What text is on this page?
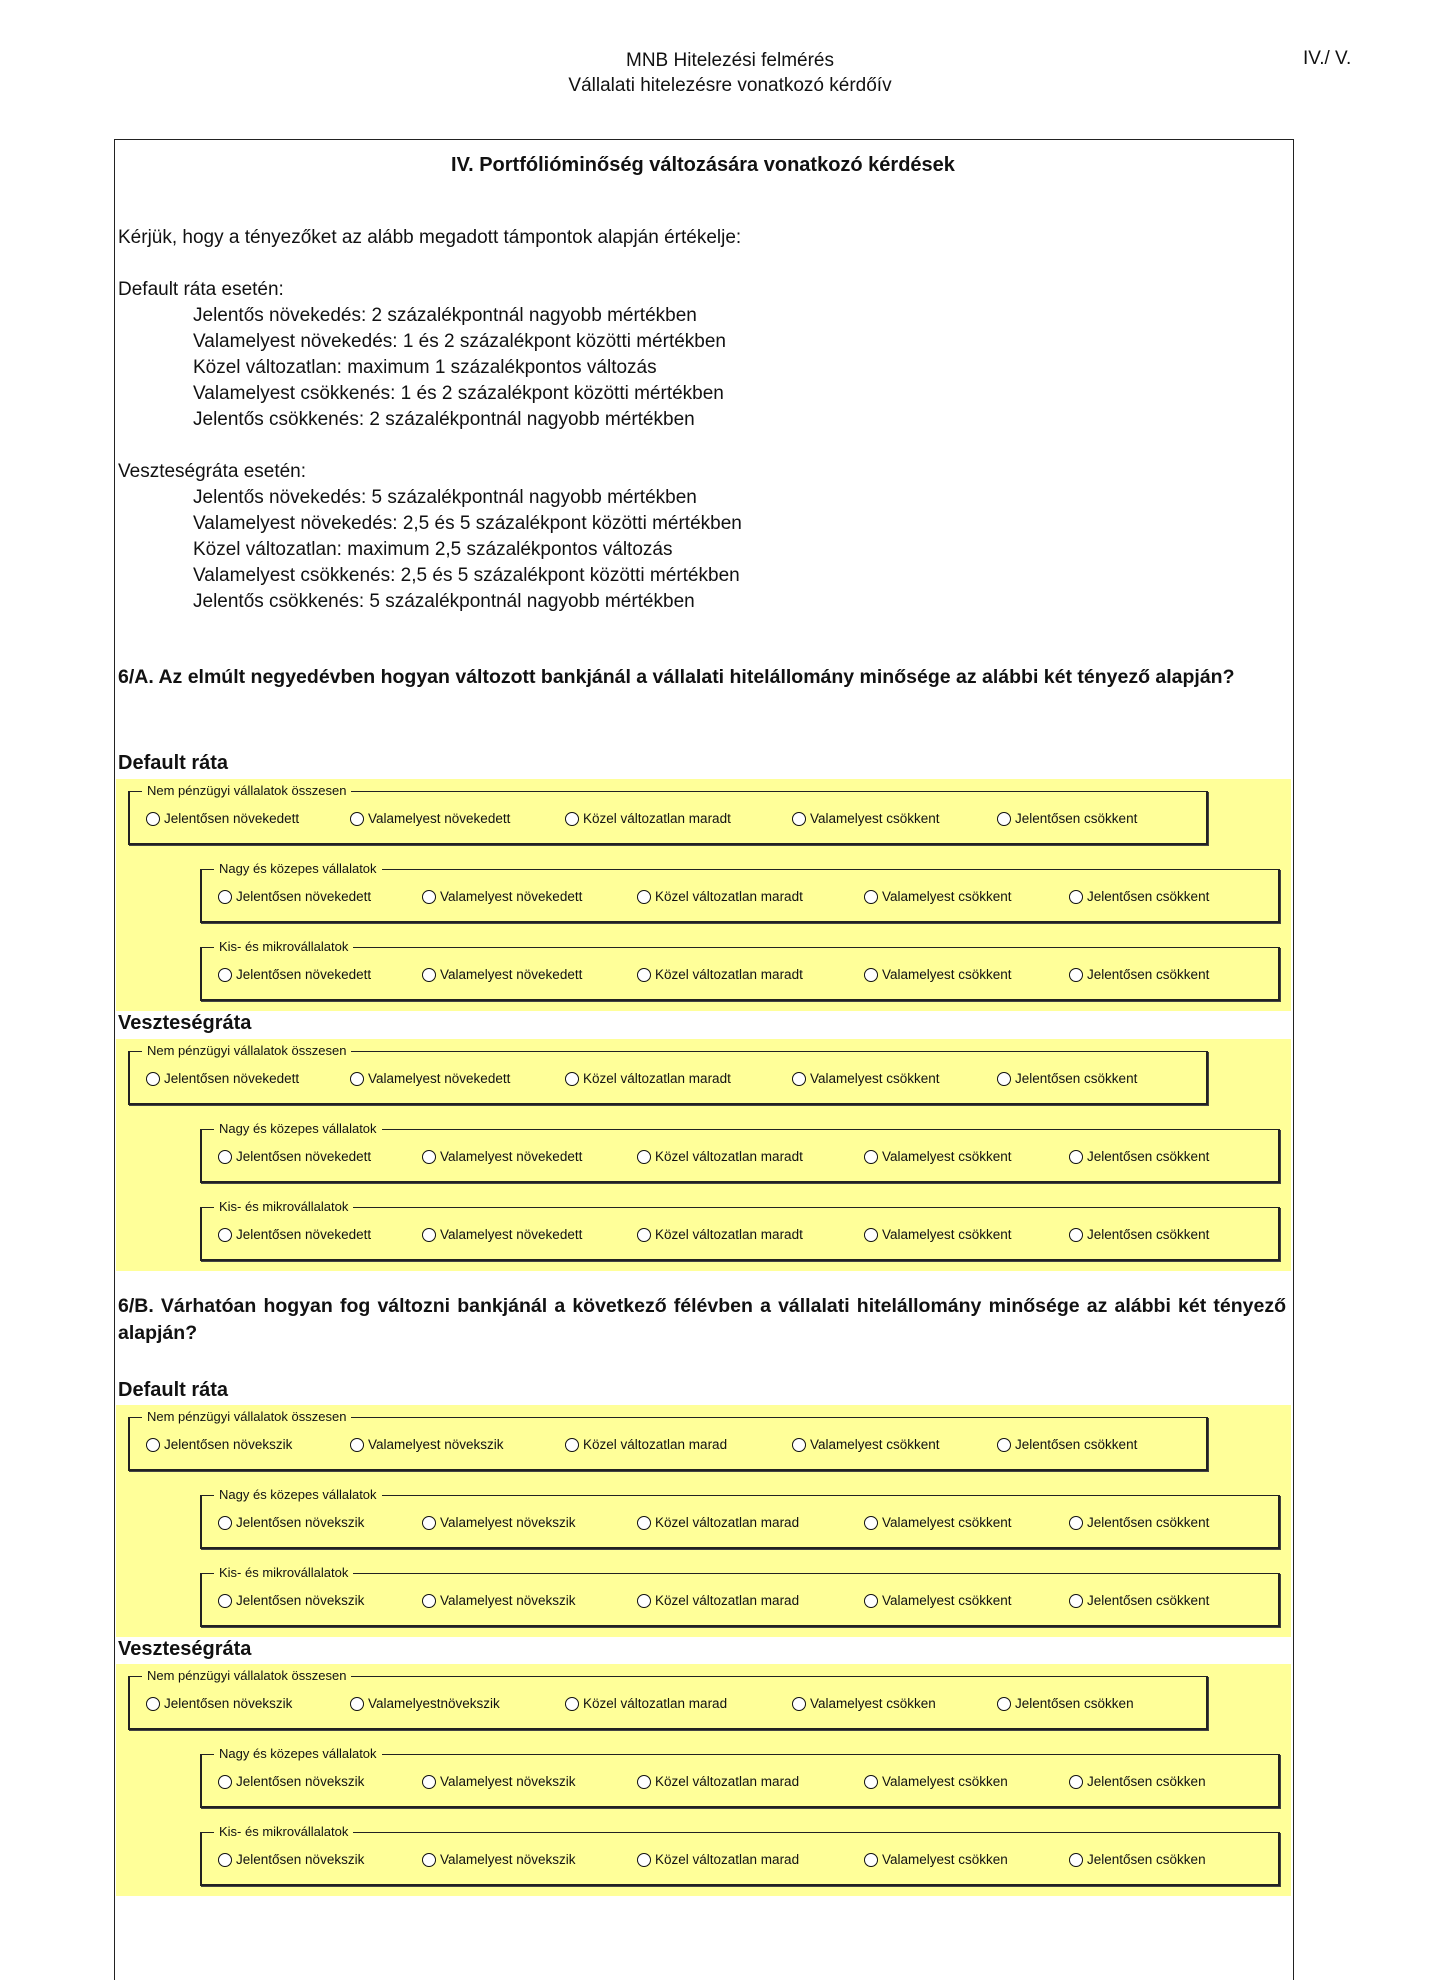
MNB Hitelezési felmérés
Vállalati hitelezésre vonatkozó kérdőív
IV./ V.
IV. Portfólióminőség változására vonatkozó kérdések
Kérjük, hogy a tényezőket az alább megadott támpontok alapján értékelje:
Default ráta esetén:
Jelentős növekedés: 2 százalékpontnál nagyobb mértékben
Valamelyest növekedés: 1 és 2 százalékpont közötti mértékben
Közel változatlan: maximum 1 százalékpontos változás
Valamelyest csökkenés: 1 és 2 százalékpont közötti mértékben
Jelentős csökkenés: 2 százalékpontnál nagyobb mértékben
Veszteségráta esetén:
Jelentős növekedés: 5 százalékpontnál nagyobb mértékben
Valamelyest növekedés: 2,5 és 5 százalékpont közötti mértékben
Közel változatlan: maximum 2,5 százalékpontos változás
Valamelyest csökkenés: 2,5 és 5 százalékpont közötti mértékben
Jelentős csökkenés: 5 százalékpontnál nagyobb mértékben
6/A. Az elmúlt negyedévben hogyan változott bankjánál a vállalati hitelállomány minősége az alábbi két tényező alapján?
Default ráta
Nem pénzügyi vállalatok összesen
Jelentősen növekedett	Valamelyest növekedett	Közel változatlan maradt	Valamelyest csökkent	Jelentősen csökkent
Nagy és közepes vállalatok
Jelentősen növekedett	Valamelyest növekedett	Közel változatlan maradt	Valamelyest csökkent	Jelentősen csökkent
Kis- és mikrovállalatok
Jelentősen növekedett	Valamelyest növekedett	Közel változatlan maradt	Valamelyest csökkent	Jelentősen csökkent
Veszteségráta
Nem pénzügyi vállalatok összesen
Jelentősen növekedett	Valamelyest növekedett	Közel változatlan maradt	Valamelyest csökkent	Jelentősen csökkent
Nagy és közepes vállalatok
Jelentősen növekedett	Valamelyest növekedett	Közel változatlan maradt	Valamelyest csökkent	Jelentősen csökkent
Kis- és mikrovállalatok
Jelentősen növekedett	Valamelyest növekedett	Közel változatlan maradt	Valamelyest csökkent	Jelentősen csökkent
6/B. Várhatóan hogyan fog változni bankjánál a következő félévben a vállalati hitelállomány minősége az alábbi két tényező alapján?
Default ráta
Nem pénzügyi vállalatok összesen
Jelentősen növekszik	Valamelyest növekszik	Közel változatlan marad	Valamelyest csökkent	Jelentősen csökkent
Nagy és közepes vállalatok
Jelentősen növekszik	Valamelyest növekszik	Közel változatlan marad	Valamelyest csökkent	Jelentősen csökkent
Kis- és mikrovállalatok
Jelentősen növekszik	Valamelyest növekszik	Közel változatlan marad	Valamelyest csökkent	Jelentősen csökkent
Veszteségráta
Nem pénzügyi vállalatok összesen
Jelentősen növekszik	Valamelyestnövekszik	Közel változatlan marad	Valamelyest csökken	Jelentősen csökken
Nagy és közepes vállalatok
Jelentősen növekszik	Valamelyest növekszik	Közel változatlan marad	Valamelyest csökken	Jelentősen csökken
Kis- és mikrovállalatok
Jelentősen növekszik	Valamelyest növekszik	Közel változatlan marad	Valamelyest csökken	Jelentősen csökken
